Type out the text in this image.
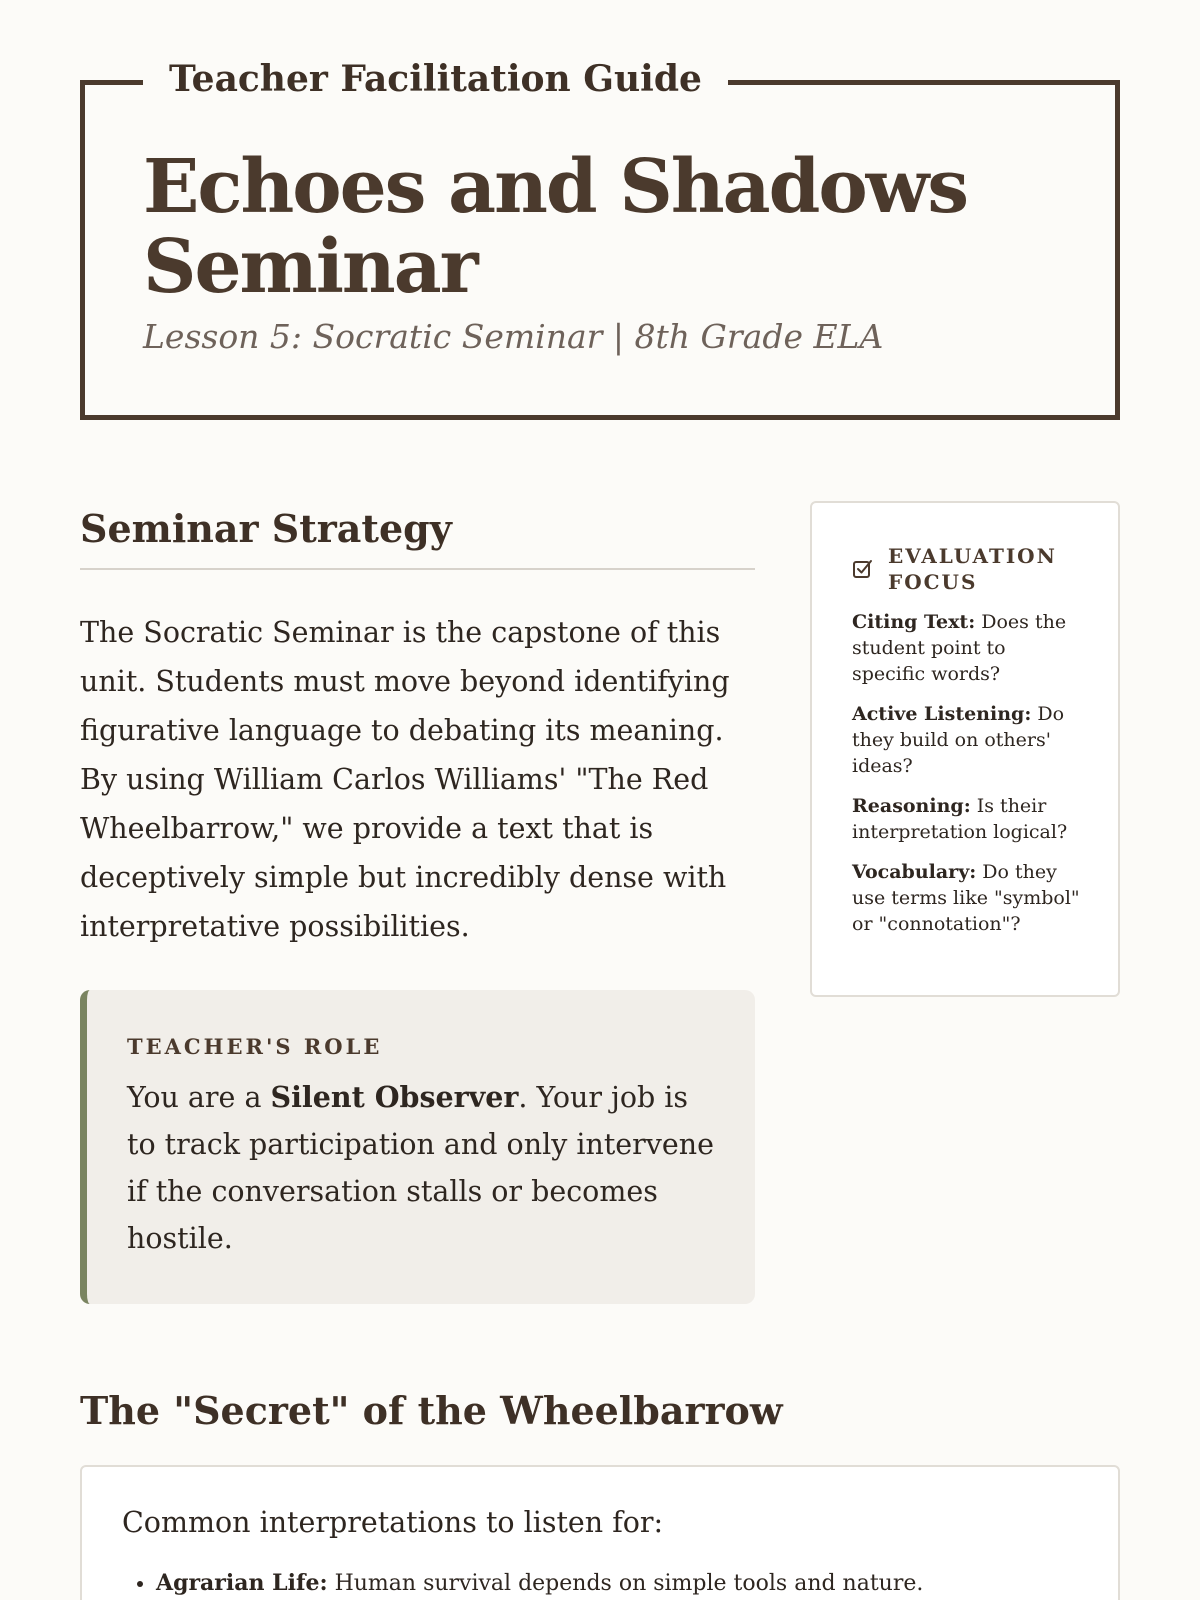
Teacher Facilitation Guide
Echoes and Shadows Seminar
Lesson 5: Socratic Seminar | 8th Grade ELA
Seminar Strategy
The Socratic Seminar is the capstone of this unit. Students must move beyond identifying figurative language to debating its meaning. By using William Carlos Williams' "The Red Wheelbarrow," we provide a text that is deceptively simple but incredibly dense with interpretative possibilities.
TEACHER'S ROLE
You are a Silent Observer. Your job is to track participation and only intervene if the conversation stalls or becomes hostile.
EVALUATION FOCUS
Citing Text: Does the student point to specific words?
Active Listening: Do they build on others' ideas?
Reasoning: Is their interpretation logical?
Vocabulary: Do they use terms like "symbol" or "connotation"?
The "Secret" of the Wheelbarrow
Common interpretations to listen for:
• Agrarian Life: Human survival depends on simple tools and nature.
